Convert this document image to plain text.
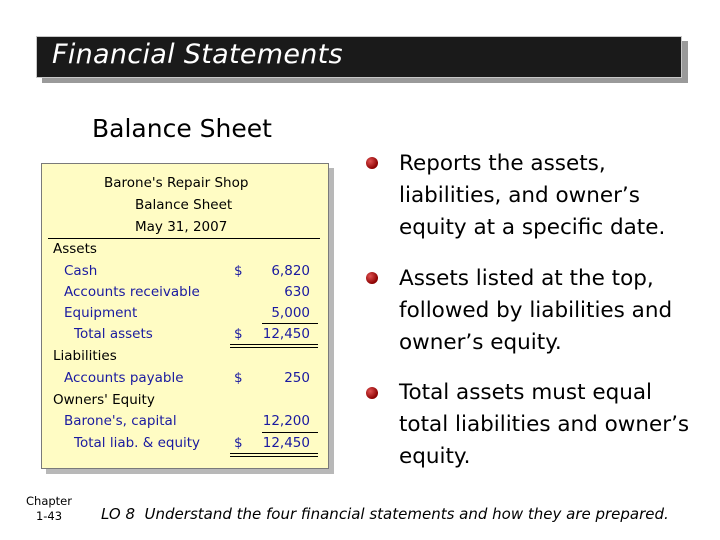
Financial Statements
Balance Sheet
Barone's Repair Shop
Balance Sheet
May 31, 2007
Assets
Cash	$	6,820
Accounts receivable	630
Equipment	5,000
Total assets	$	12,450
Liabilities
Accounts payable	$	250
Owners' Equity
Barone's, capital	12,200
Total liab. & equity	$	12,450
Reports the assets, liabilities, and owner’s equity at a specific date.
Assets listed at the top, followed by liabilities and owner’s equity.
Total assets must equal total liabilities and owner’s equity.
Chapter
1-43	LO 8  Understand the four financial statements and how they are prepared.
